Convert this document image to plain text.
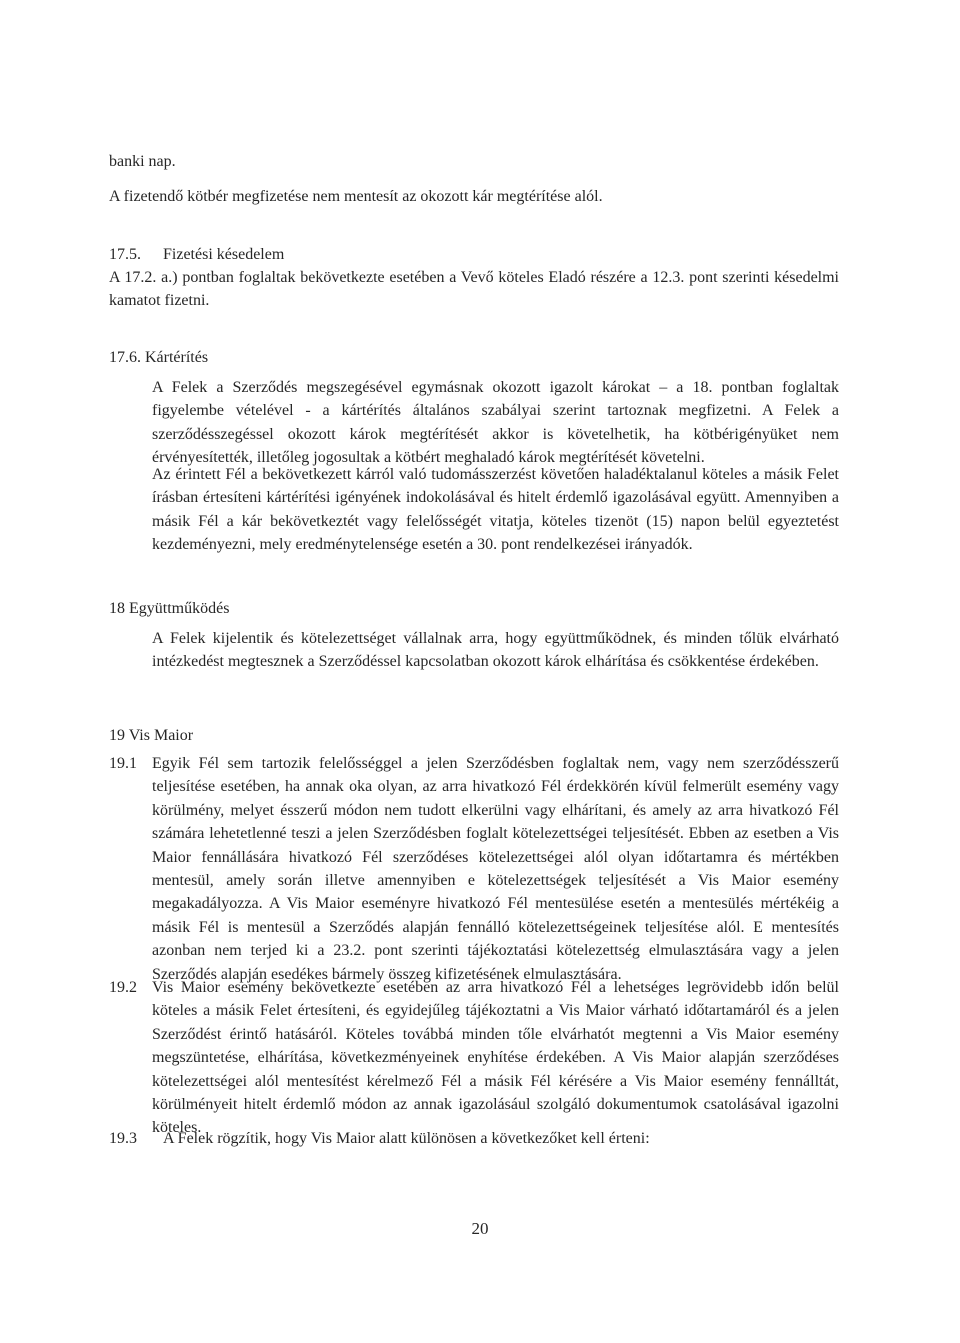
banki nap.

A fizetendő kötbér megfizetése nem mentesít az okozott kár megtérítése alól.

17.5. Fizetési késedelem

A 17.2. a.) pontban foglaltak bekövetkezte esetében a Vevő köteles Eladó részére a 12.3. pont szerinti késedelmi kamatot fizetni.

17.6. Kártérítés

A Felek a Szerződés megszegésével egymásnak okozott igazolt károkat – a 18. pontban foglaltak figyelembe vételével - a kártérítés általános szabályai szerint tartoznak megfizetni. A Felek a szerződésszegéssel okozott károk megtérítését akkor is követelhetik, ha kötbérigényüket nem érvényesítették, illetőleg jogosultak a kötbért meghaladó károk megtérítését követelni.

Az érintett Fél a bekövetkezett kárról való tudomásszerzést követően haladéktalanul köteles a másik Felet írásban értesíteni kártérítési igényének indokolásával és hitelt érdemlő igazolásával együtt. Amennyiben a másik Fél a kár bekövetkeztét vagy felelősségét vitatja, köteles tizenöt (15) napon belül egyeztetést kezdeményezni, mely eredménytelensége esetén a 30. pont rendelkezései irányadók.

18 Együttműködés

A Felek kijelentik és kötelezettséget vállalnak arra, hogy együttműködnek, és minden tőlük elvárható intézkedést megtesznek a Szerződéssel kapcsolatban okozott károk elhárítása és csökkentése érdekében.

19 Vis Maior

19.1 Egyik Fél sem tartozik felelősséggel a jelen Szerződésben foglaltak nem, vagy nem szerződésszerű teljesítése esetében, ha annak oka olyan, az arra hivatkozó Fél érdekkörén kívül felmerült esemény vagy körülmény, melyet ésszerű módon nem tudott elkerülni vagy elhárítani, és amely az arra hivatkozó Fél számára lehetetlenné teszi a jelen Szerződésben foglalt kötelezettségei teljesítését. Ebben az esetben a Vis Maior fennállására hivatkozó Fél szerződéses kötelezettségei alól olyan időtartamra és mértékben mentesül, amely során illetve amennyiben e kötelezettségek teljesítését a Vis Maior esemény megakadályozza. A Vis Maior eseményre hivatkozó Fél mentesülése esetén a mentesülés mértékéig a másik Fél is mentesül a Szerződés alapján fennálló kötelezettségeinek teljesítése alól. E mentesítés azonban nem terjed ki a 23.2. pont szerinti tájékoztatási kötelezettség elmulasztására vagy a jelen Szerződés alapján esedékes bármely összeg kifizetésének elmulasztására.

19.2 Vis Maior esemény bekövetkezte esetében az arra hivatkozó Fél a lehetséges legrövidebb időn belül köteles a másik Felet értesíteni, és egyidejűleg tájékoztatni a Vis Maior várható időtartamáról és a jelen Szerződést érintő hatásáról. Köteles továbbá minden tőle elvárhatót megtenni a Vis Maior esemény megszüntetése, elhárítása, következményeinek enyhítése érdekében. A Vis Maior alapján szerződéses kötelezettségei alól mentesítést kérelmező Fél a másik Fél kérésére a Vis Maior esemény fennálltát, körülményeit hitelt érdemlő módon az annak igazolásául szolgáló dokumentumok csatolásával igazolni köteles.

19.3 A Felek rögzítik, hogy Vis Maior alatt különösen a következőket kell érteni:

20
